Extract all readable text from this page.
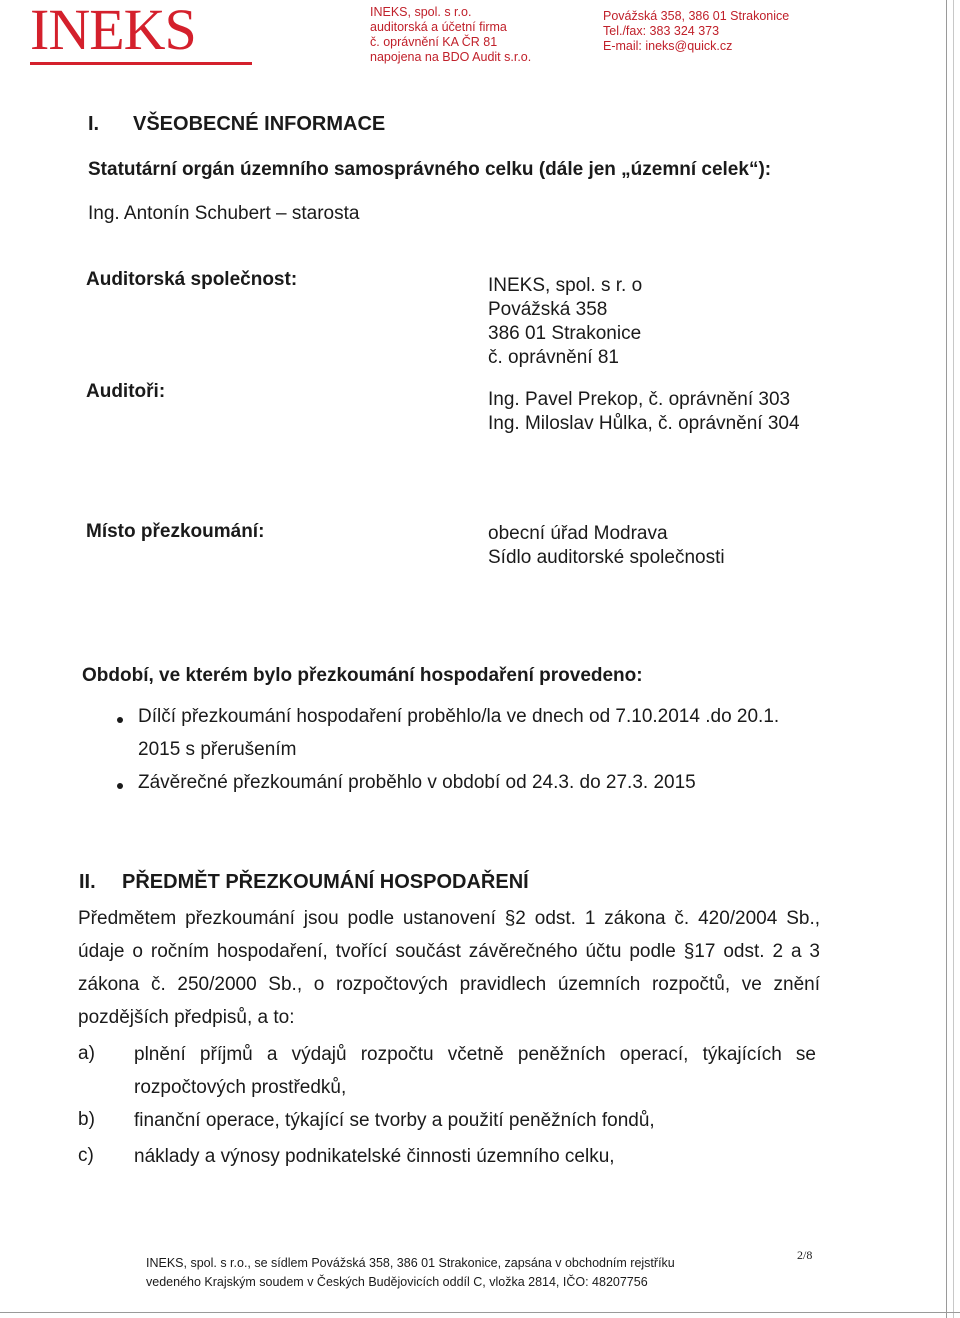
INEKS	INEKS, spol. s r.o.
auditorská a účetní firma
č. oprávnění KA ČR 81
napojena na BDO Audit s.r.o.
Povážská 358, 386 01 Strakonice
Tel./fax: 383 324 373
E-mail: ineks@quick.cz
I. VŠEOBECNÉ INFORMACE
Statutární orgán územního samosprávného celku (dále jen „územní celek“):
Ing. Antonín Schubert – starosta
Auditorská společnost:	INEKS, spol. s r. o
Povážská 358
386 01 Strakonice
č. oprávnění 81
Auditoři:	Ing. Pavel Prekop, č. oprávnění 303
Ing. Miloslav Hůlka, č. oprávnění 304
Místo přezkoumání:	obecní úřad Modrava
Sídlo auditorské společnosti
Období, ve kterém bylo přezkoumání hospodaření provedeno:
Dílčí přezkoumání hospodaření proběhlo/la ve dnech od 7.10.2014 .do 20.1.
2015 s přerušením
Závěrečné přezkoumání proběhlo v období od 24.3. do 27.3. 2015
II. PŘEDMĚT PŘEZKOUMÁNÍ HOSPODAŘENÍ
Předmětem přezkoumání jsou podle ustanovení §2 odst. 1 zákona č. 420/2004 Sb.,
údaje o ročním hospodaření, tvořící součást závěrečného účtu podle §17 odst. 2 a 3
zákona č. 250/2000 Sb., o rozpočtových pravidlech územních rozpočtů, ve znění
pozdějších předpisů, a to:
a) plnění příjmů a výdajů rozpočtu včetně peněžních operací, týkajících se
rozpočtových prostředků,
b) finanční operace, týkající se tvorby a použití peněžních fondů,
c) náklady a výnosy podnikatelské činnosti územního celku,
INEKS, spol. s r.o., se sídlem Povážská 358, 386 01 Strakonice, zapsána v obchodním rejstříku
vedeného Krajským soudem v Českých Budějovicích oddíl C, vložka 2814, IČO: 48207756
2/8
